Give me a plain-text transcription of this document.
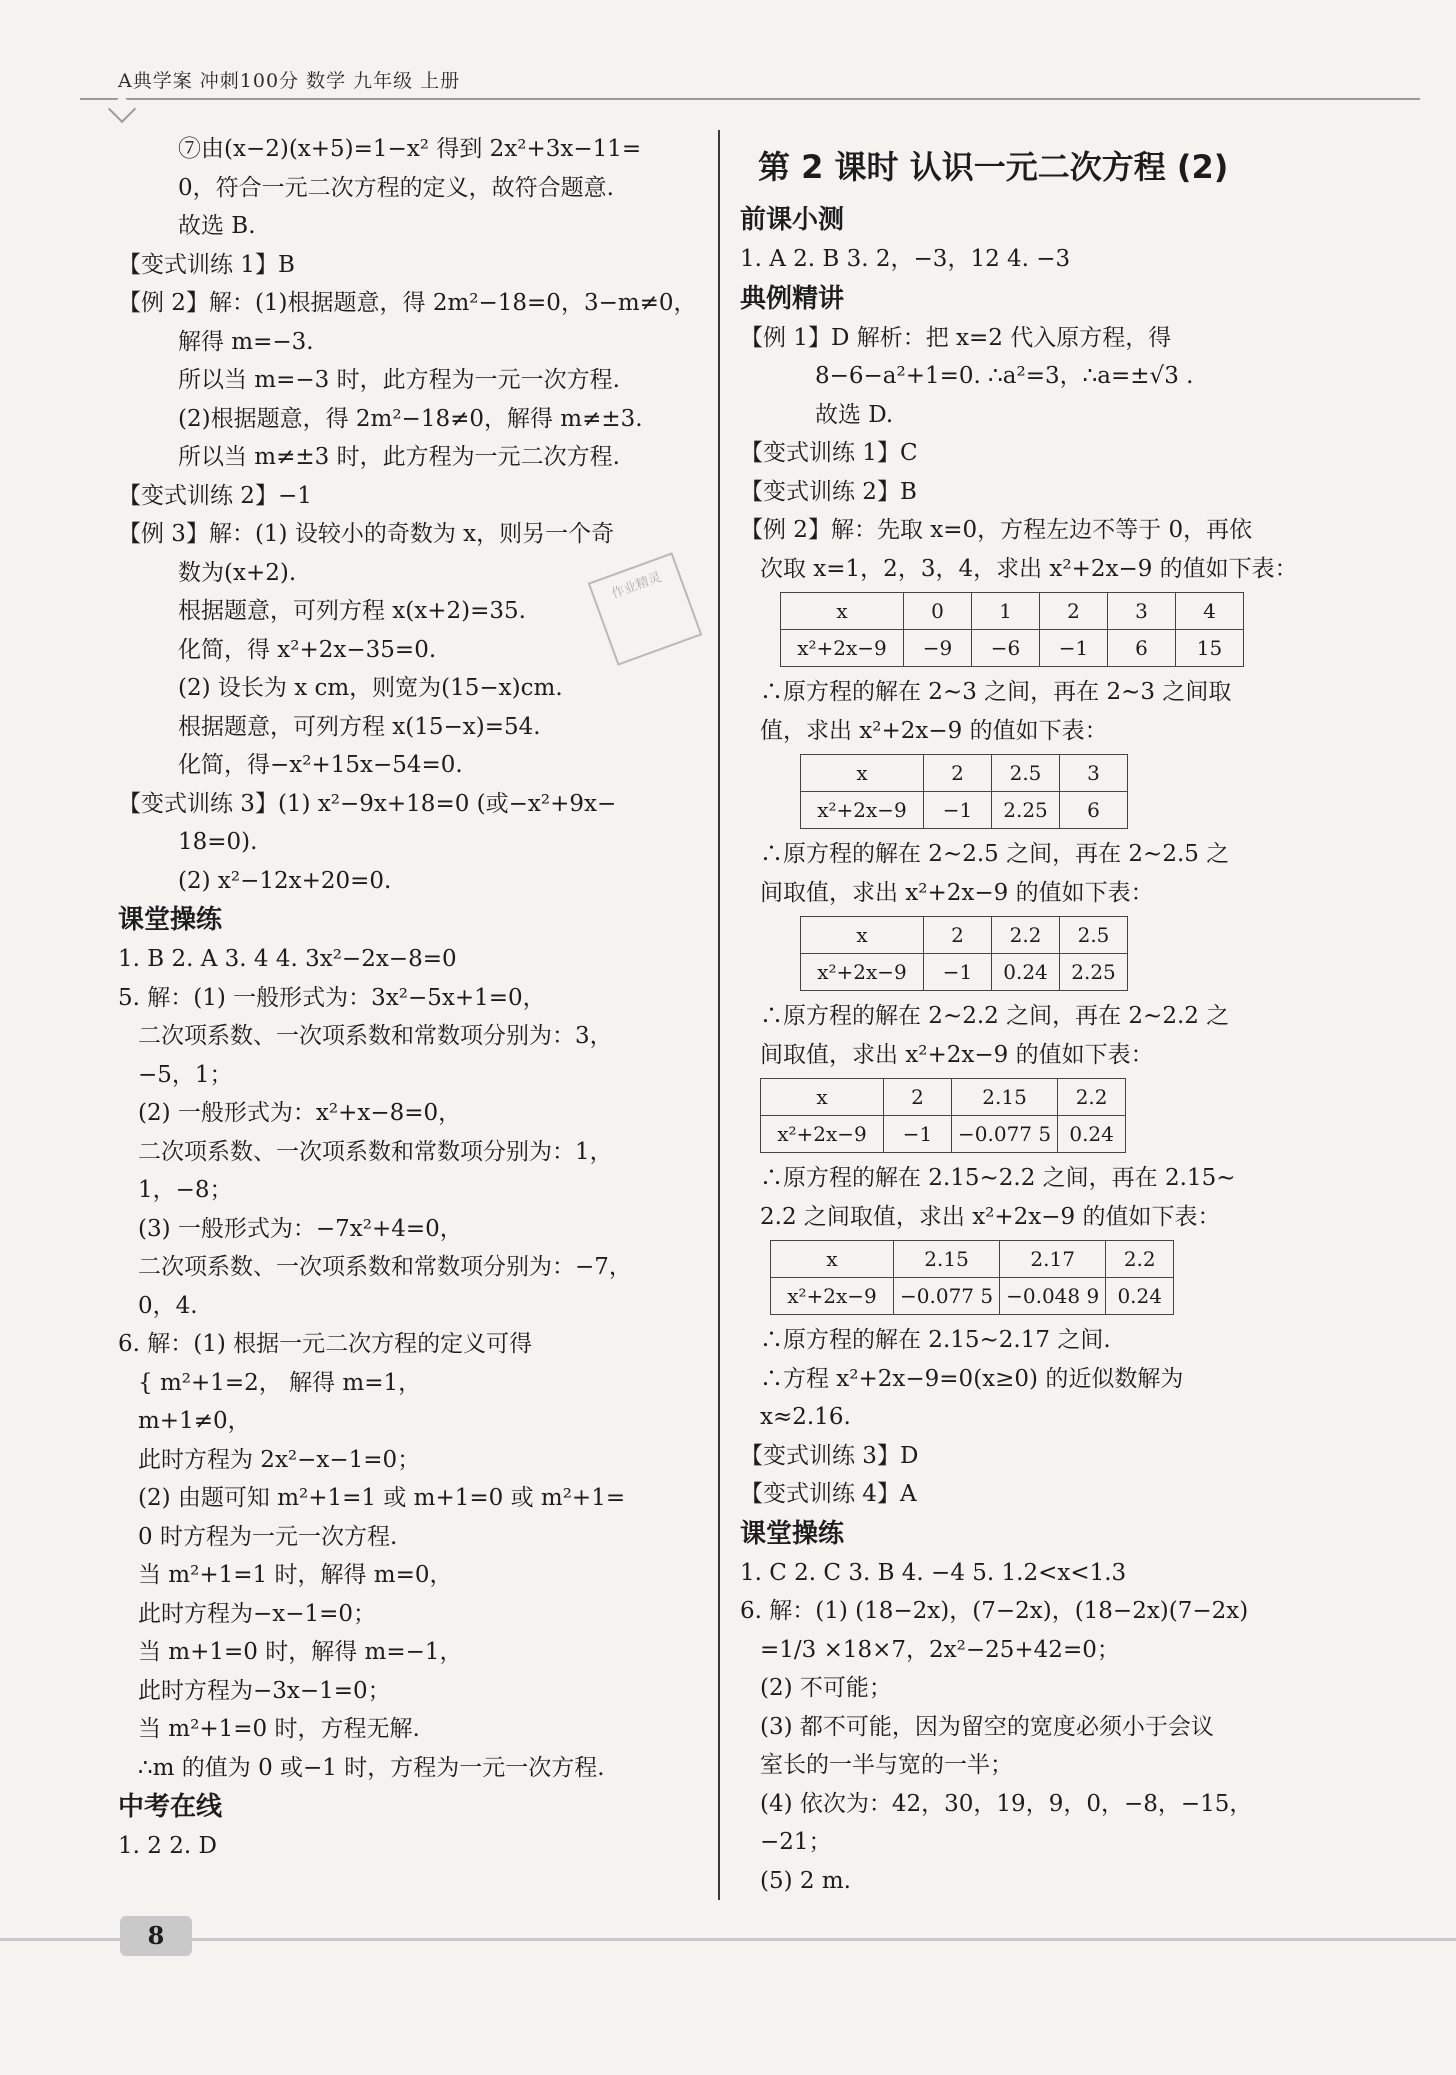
A典学案 冲刺100分 数学 九年级 上册
⑦由(x−2)(x+5)=1−x² 得到 2x²+3x−11=
0，符合一元二次方程的定义，故符合题意.
故选 B.
【变式训练 1】B
【例 2】解：(1)根据题意，得 2m²−18=0，3−m≠0，
解得 m=−3.
所以当 m=−3 时，此方程为一元一次方程.
(2)根据题意，得 2m²−18≠0，解得 m≠±3.
所以当 m≠±3 时，此方程为一元二次方程.
【变式训练 2】−1
【例 3】解：(1) 设较小的奇数为 x，则另一个奇
数为(x+2).
根据题意，可列方程 x(x+2)=35.
化简，得 x²+2x−35=0.
(2) 设长为 x cm，则宽为(15−x)cm.
根据题意，可列方程 x(15−x)=54.
化简，得−x²+15x−54=0.
【变式训练 3】(1) x²−9x+18=0 (或−x²+9x−
18=0).
(2) x²−12x+20=0.
课堂操练
1. B 2. A 3. 4 4. 3x²−2x−8=0
5. 解：(1) 一般形式为：3x²−5x+1=0，
二次项系数、一次项系数和常数项分别为：3，
−5，1；
(2) 一般形式为：x²+x−8=0，
二次项系数、一次项系数和常数项分别为：1，
1，−8；
(3) 一般形式为：−7x²+4=0，
二次项系数、一次项系数和常数项分别为：−7，
0，4.
6. 解：(1) 根据一元二次方程的定义可得
{ m²+1=2， 解得 m=1，
m+1≠0，
此时方程为 2x²−x−1=0；
(2) 由题可知 m²+1=1 或 m+1=0 或 m²+1=
0 时方程为一元一次方程.
当 m²+1=1 时，解得 m=0，
此时方程为−x−1=0；
当 m+1=0 时，解得 m=−1，
此时方程为−3x−1=0；
当 m²+1=0 时，方程无解.
∴m 的值为 0 或−1 时，方程为一元一次方程.
中考在线
1. 2 2. D
作业精灵
第 2 课时 认识一元二次方程 (2)
前课小测
1. A 2. B 3. 2，−3，12 4. −3
典例精讲
【例 1】D 解析：把 x=2 代入原方程，得
8−6−a²+1=0. ∴a²=3，∴a=±√3 .
故选 D.
【变式训练 1】C
【变式训练 2】B
【例 2】解：先取 x=0，方程左边不等于 0，再依
次取 x=1，2，3，4，求出 x²+2x−9 的值如下表：
x	0	1	2	3	4
x²+2x−9	−9	−6	−1	6	15
∴原方程的解在 2∼3 之间，再在 2∼3 之间取
值，求出 x²+2x−9 的值如下表：
x	2	2.5	3
x²+2x−9	−1	2.25	6
∴原方程的解在 2∼2.5 之间，再在 2∼2.5 之
间取值，求出 x²+2x−9 的值如下表：
x	2	2.2	2.5
x²+2x−9	−1	0.24	2.25
∴原方程的解在 2∼2.2 之间，再在 2∼2.2 之
间取值，求出 x²+2x−9 的值如下表：
x	2	2.15	2.2
x²+2x−9	−1	−0.077 5	0.24
∴原方程的解在 2.15∼2.2 之间，再在 2.15∼
2.2 之间取值，求出 x²+2x−9 的值如下表：
x	2.15	2.17	2.2
x²+2x−9	−0.077 5	−0.048 9	0.24
∴原方程的解在 2.15∼2.17 之间.
∴方程 x²+2x−9=0(x≥0) 的近似数解为
x≈2.16.
【变式训练 3】D
【变式训练 4】A
课堂操练
1. C 2. C 3. B 4. −4 5. 1.2<x<1.3
6. 解：(1) (18−2x)，(7−2x)，(18−2x)(7−2x)
=1/3 ×18×7，2x²−25+42=0；
(2) 不可能；
(3) 都不可能，因为留空的宽度必须小于会议
室长的一半与宽的一半；
(4) 依次为：42，30，19，9，0，−8，−15，
−21；
(5) 2 m.
8
